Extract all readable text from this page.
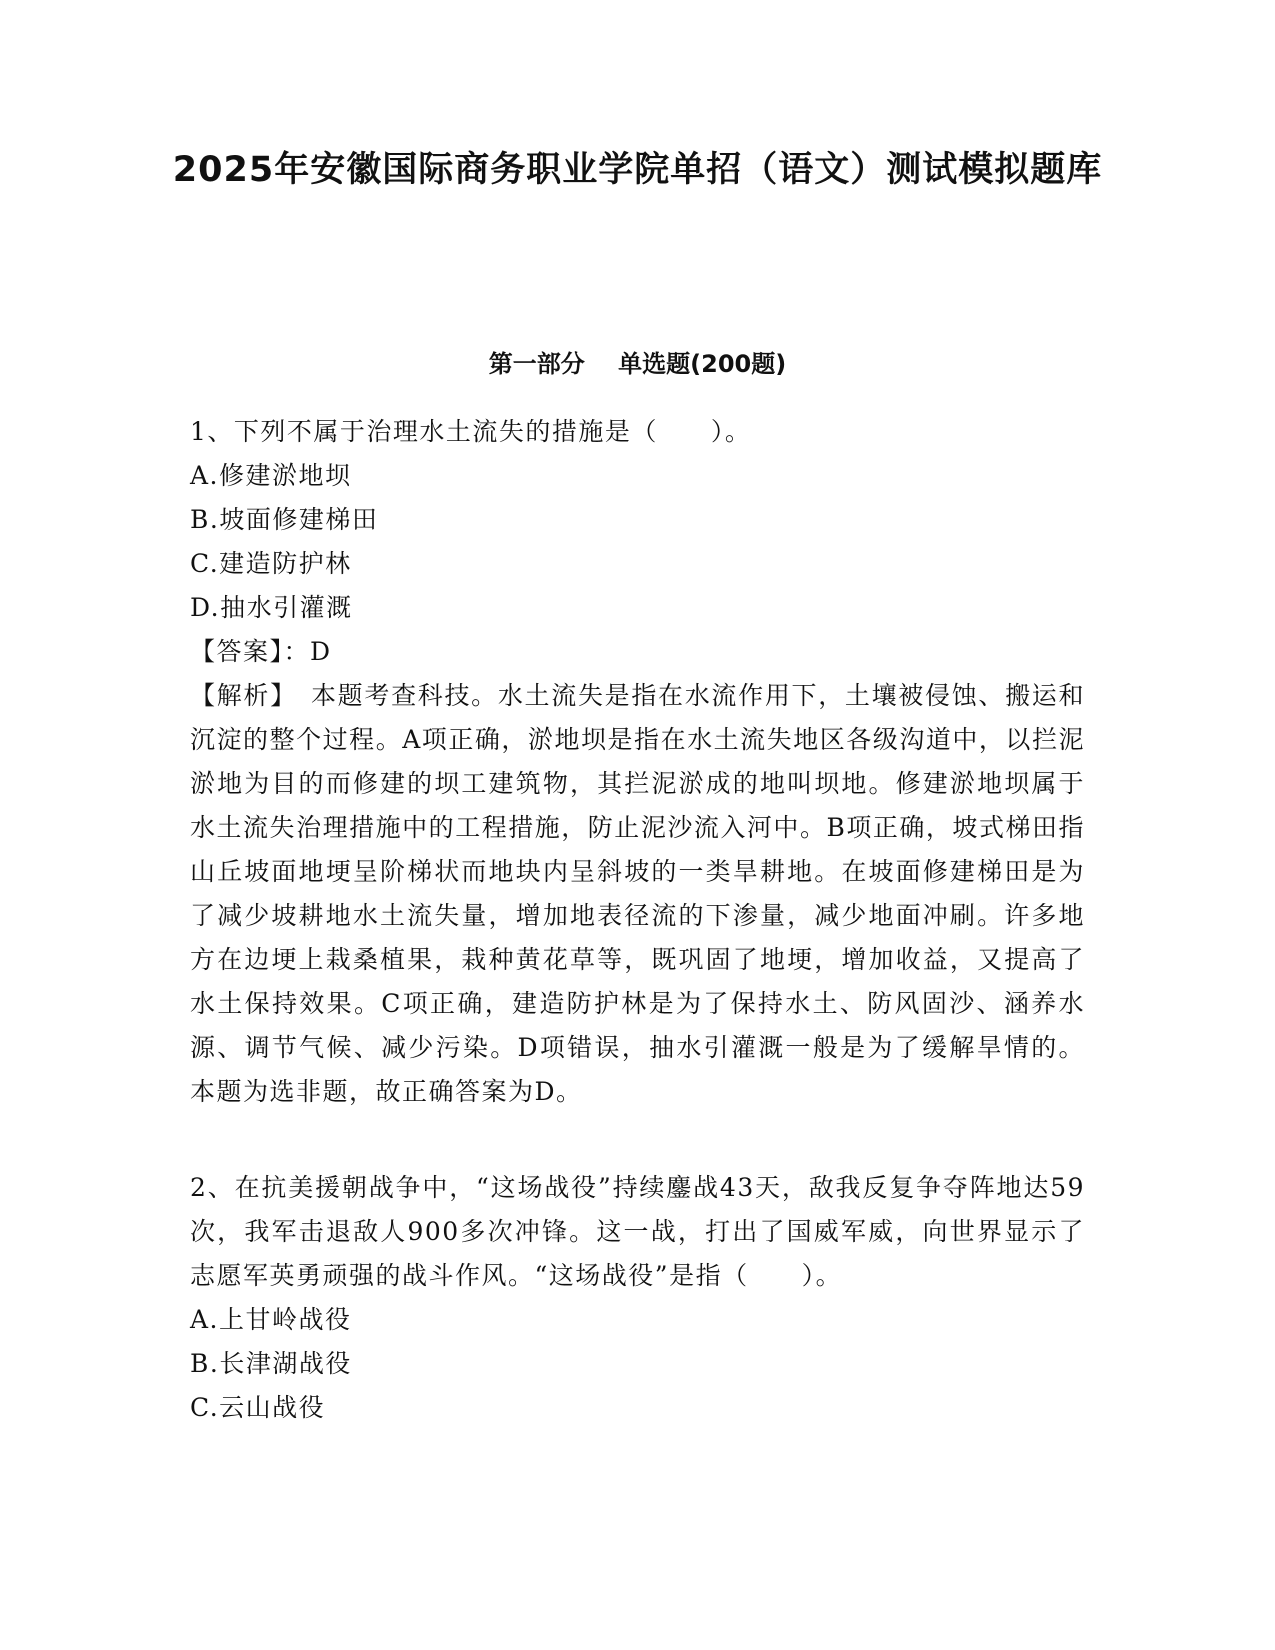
2025年安徽国际商务职业学院单招（语文）测试模拟题库
第一部分    单选题(200题)

1、下列不属于治理水土流失的措施是（　　）。

A.修建淤地坝

B.坡面修建梯田

C.建造防护林

D.抽水引灌溉

【答案】：D

【解析】　本题考查科技。水土流失是指在水流作用下，土壤被侵蚀、搬运和沉淀的整个过程。A项正确，淤地坝是指在水土流失地区各级沟道中，以拦泥淤地为目的而修建的坝工建筑物，其拦泥淤成的地叫坝地。修建淤地坝属于水土流失治理措施中的工程措施，防止泥沙流入河中。B项正确，坡式梯田指山丘坡面地埂呈阶梯状而地块内呈斜坡的一类旱耕地。在坡面修建梯田是为了减少坡耕地水土流失量，增加地表径流的下渗量，减少地面冲刷。许多地方在边埂上栽桑植果，栽种黄花草等，既巩固了地埂，增加收益，又提高了水土保持效果。C项正确，建造防护林是为了保持水土、防风固沙、涵养水源、调节气候、减少污染。D项错误，抽水引灌溉一般是为了缓解旱情的。本题为选非题，故正确答案为D。

2、在抗美援朝战争中，“这场战役”持续鏖战43天，敌我反复争夺阵地达59次，我军击退敌人900多次冲锋。这一战，打出了国威军威，向世界显示了志愿军英勇顽强的战斗作风。“这场战役”是指（　　）。

A.上甘岭战役

B.长津湖战役

C.云山战役
